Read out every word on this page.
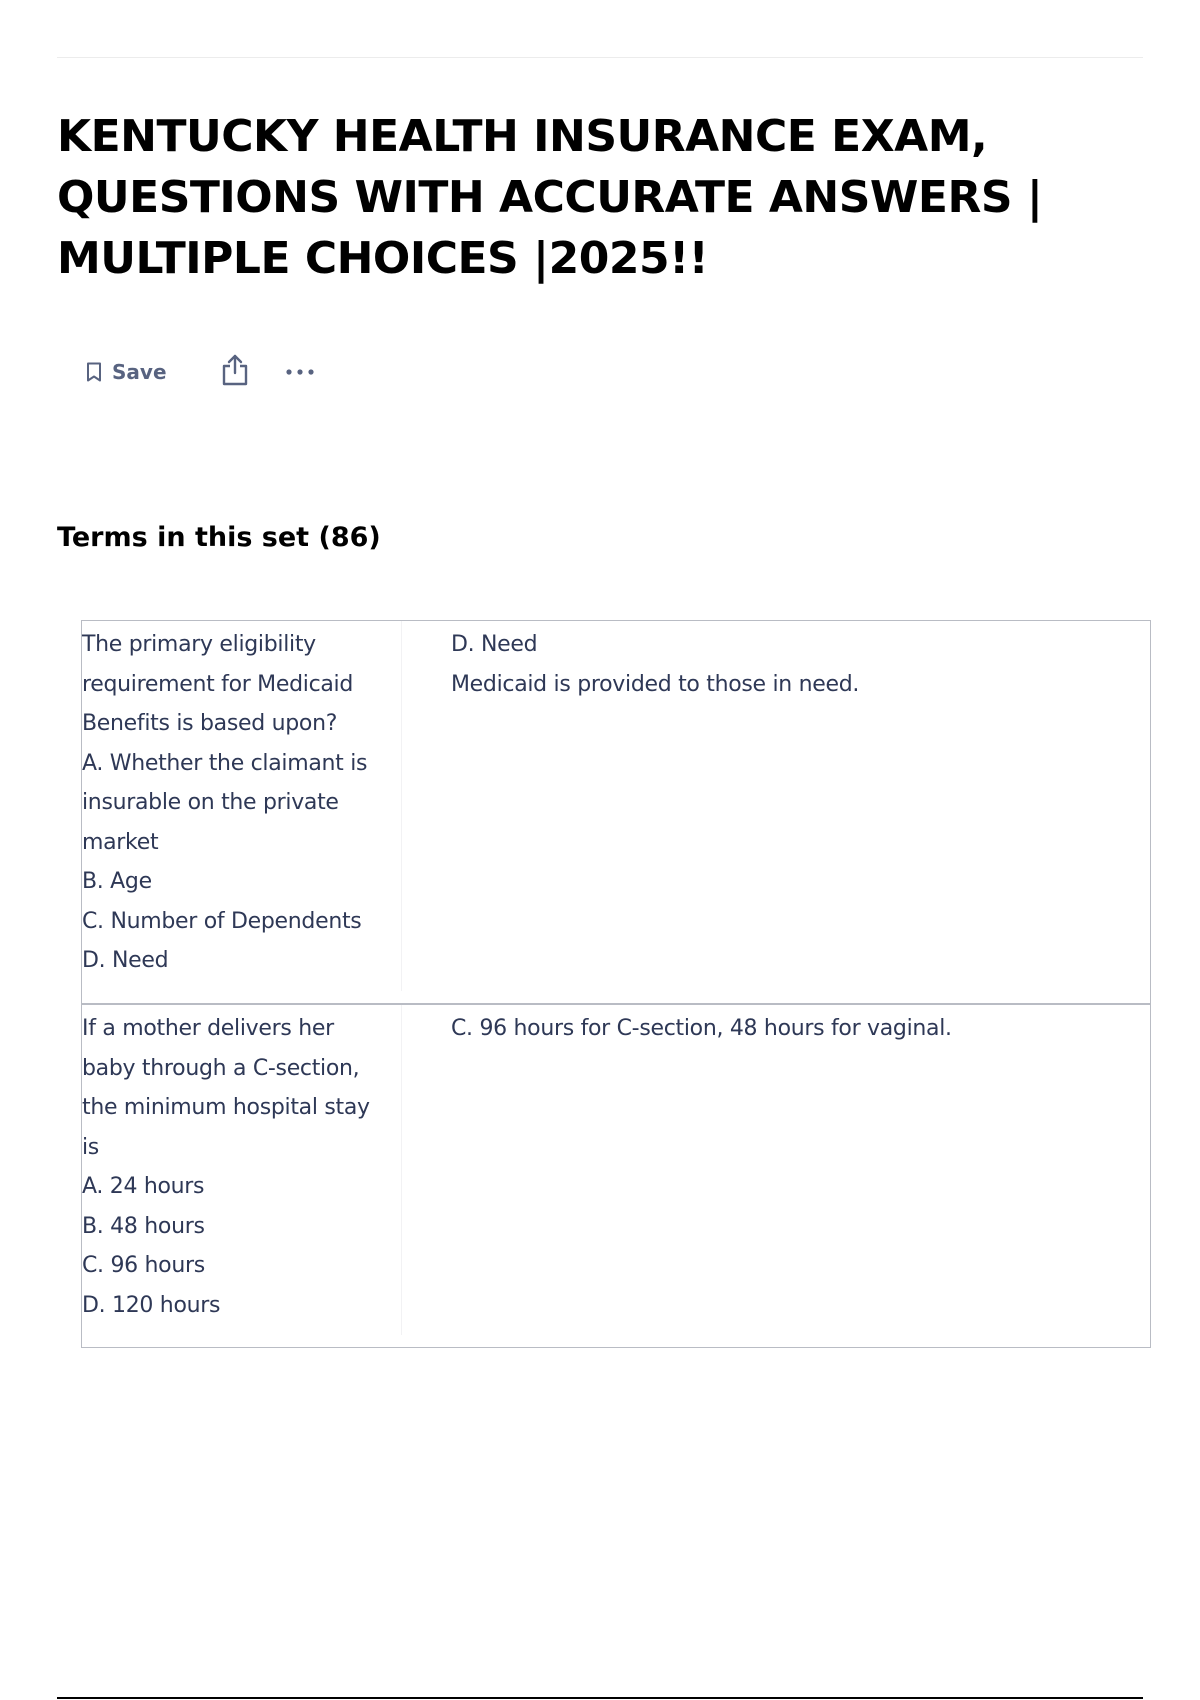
KENTUCKY HEALTH INSURANCE EXAM,
QUESTIONS WITH ACCURATE ANSWERS |
MULTIPLE CHOICES |2025!!
Save
Terms in this set (86)
The primary eligibility
requirement for Medicaid
Benefits is based upon?
A. Whether the claimant is
insurable on the private
market
B. Age
C. Number of Dependents
D. Need
D. Need
Medicaid is provided to those in need.
If a mother delivers her
baby through a C-section,
the minimum hospital stay
is
A. 24 hours
B. 48 hours
C. 96 hours
D. 120 hours
C. 96 hours for C-section, 48 hours for vaginal.
